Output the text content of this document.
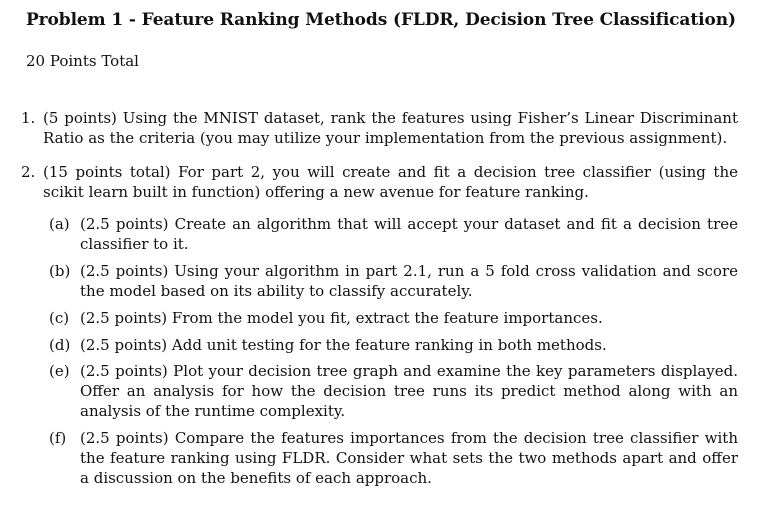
Problem 1 - Feature Ranking Methods (FLDR, Decision Tree Classification)
20 Points Total
1. (5 points) Using the MNIST dataset, rank the features using Fisher’s Linear Discriminant Ratio as the criteria (you may utilize your implementation from the previous assignment).
2. (15 points total) For part 2, you will create and fit a decision tree classifier (using the scikit learn built in function) offering a new avenue for feature ranking.
(a) (2.5 points) Create an algorithm that will accept your dataset and fit a decision tree classifier to it.
(b) (2.5 points) Using your algorithm in part 2.1, run a 5 fold cross validation and score the model based on its ability to classify accurately.
(c) (2.5 points) From the model you fit, extract the feature importances.
(d) (2.5 points) Add unit testing for the feature ranking in both methods.
(e) (2.5 points) Plot your decision tree graph and examine the key parameters displayed. Offer an analysis for how the decision tree runs its predict method along with an analysis of the runtime complexity.
(f) (2.5 points) Compare the features importances from the decision tree classifier with the feature ranking using FLDR. Consider what sets the two methods apart and offer a discussion on the benefits of each approach.
